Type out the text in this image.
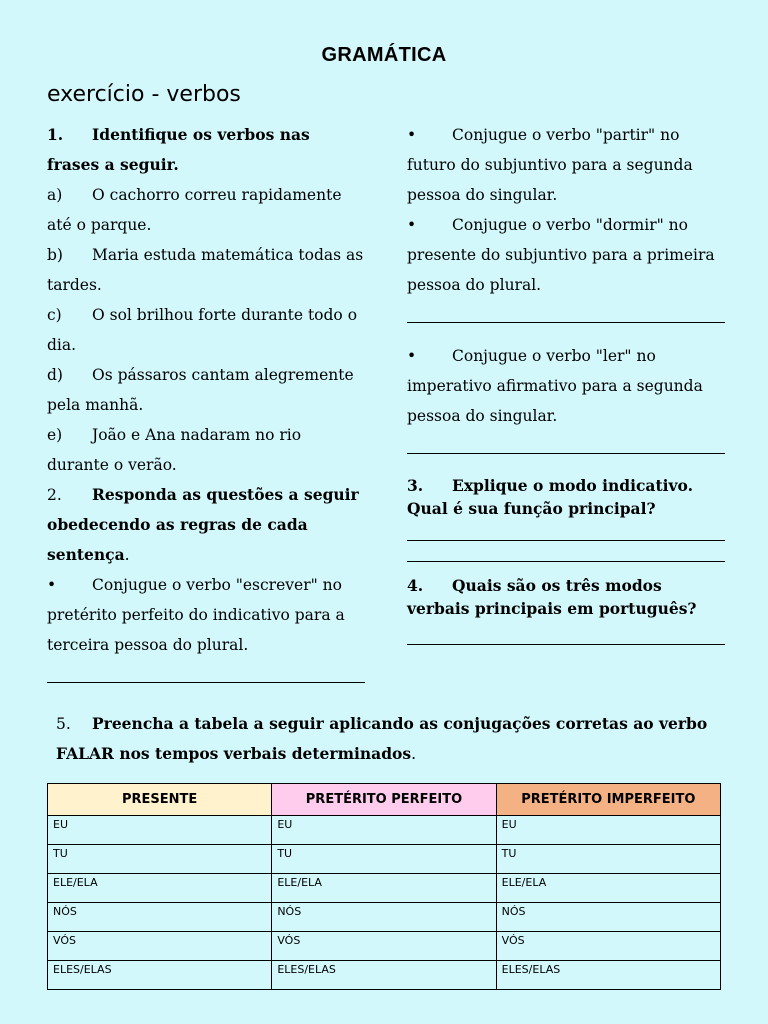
GRAMÁTICA
exercício - verbos

1. Identifique os verbos nas frases a seguir.

a) O cachorro correu rapidamente até o parque.

b) Maria estuda matemática todas as tardes.

c) O sol brilhou forte durante todo o dia.

d) Os pássaros cantam alegremente pela manhã.

e) João e Ana nadaram no rio durante o verão.

2. Responda as questões a seguir obedecendo as regras de cada sentença.

• Conjugue o verbo "escrever" no pretérito perfeito do indicativo para a terceira pessoa do plural.

• Conjugue o verbo "partir" no futuro do subjuntivo para a segunda pessoa do singular.

• Conjugue o verbo "dormir" no presente do subjuntivo para a primeira pessoa do plural.

• Conjugue o verbo "ler" no imperativo afirmativo para a segunda pessoa do singular.

3. Explique o modo indicativo. Qual é sua função principal?

4. Quais são os três modos verbais principais em português?

5. Preencha a tabela a seguir aplicando as conjugações corretas ao verbo FALAR nos tempos verbais determinados.
PRESENTE	PRETÉRITO PERFEITO	PRETÉRITO IMPERFEITO
EU	EU	EU
TU	TU	TU
ELE/ELA	ELE/ELA	ELE/ELA
NÓS	NÓS	NÓS
VÓS	VÓS	VÓS
ELES/ELAS	ELES/ELAS	ELES/ELAS
